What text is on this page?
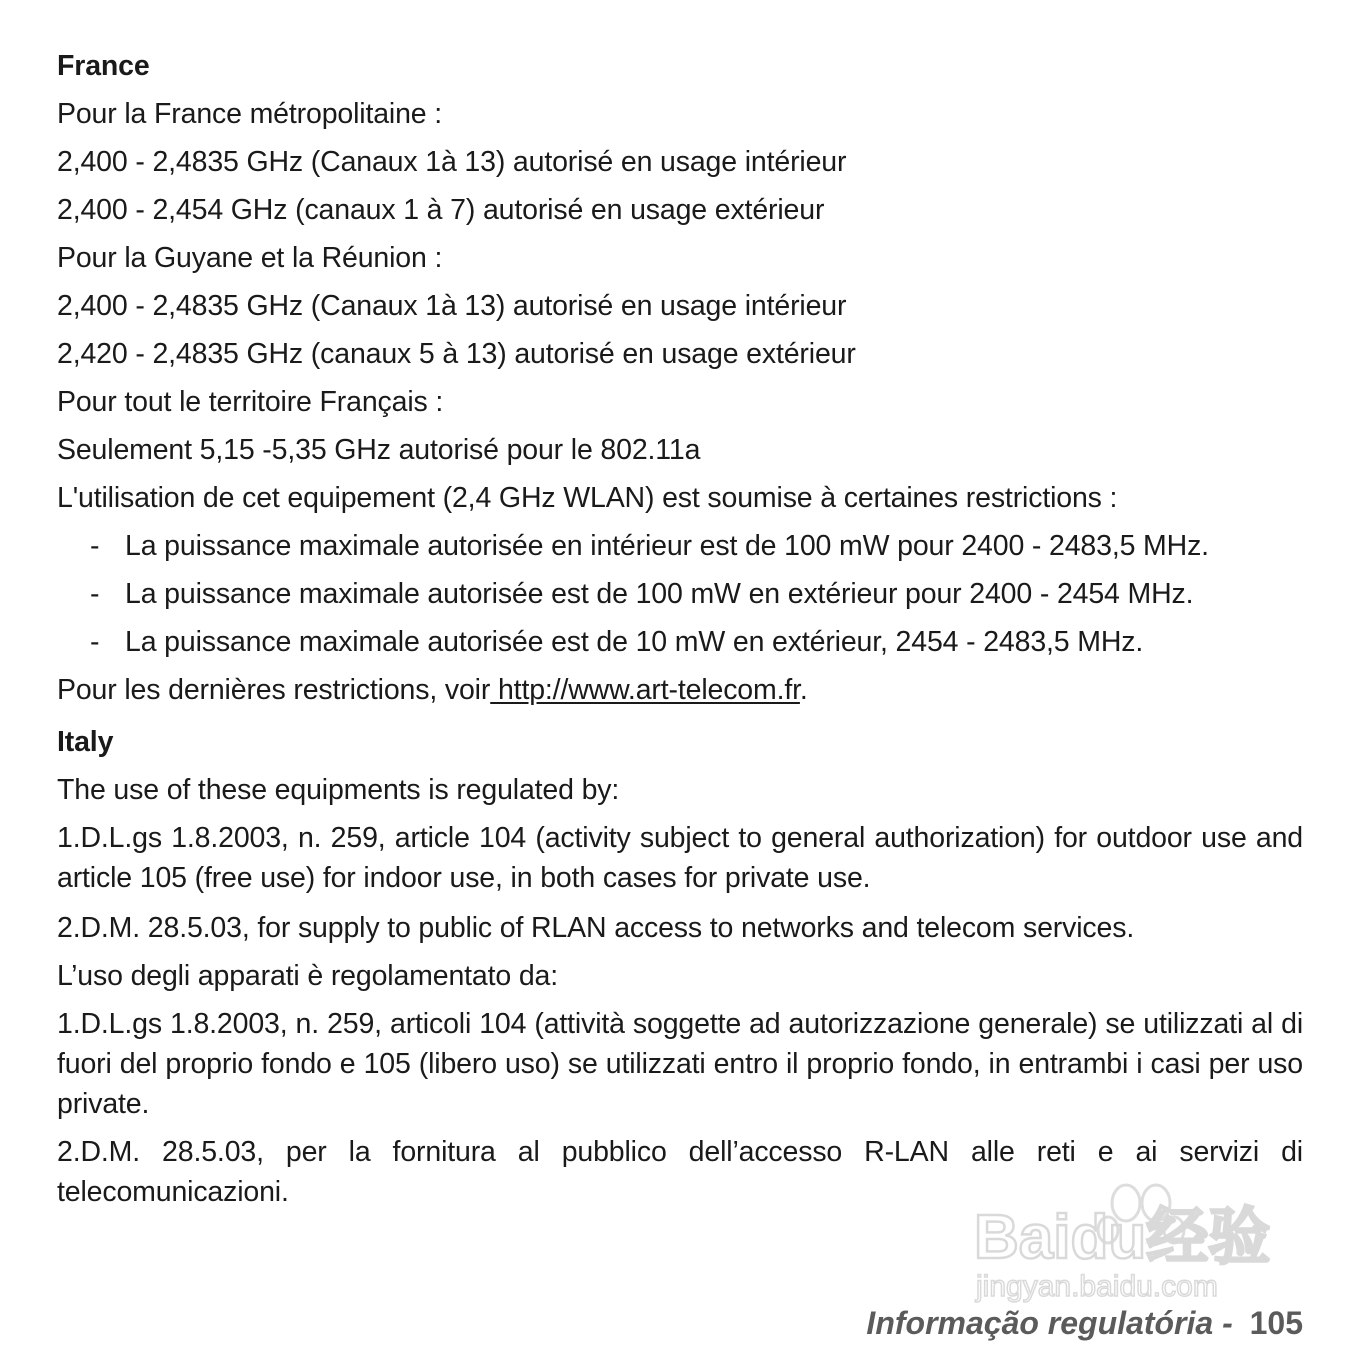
France
Pour la France métropolitaine :
2,400 - 2,4835 GHz (Canaux 1à 13) autorisé en usage intérieur
2,400 - 2,454 GHz (canaux 1 à 7) autorisé en usage extérieur
Pour la Guyane et la Réunion :
2,400 - 2,4835 GHz (Canaux 1à 13) autorisé en usage intérieur
2,420 - 2,4835 GHz (canaux 5 à 13) autorisé en usage extérieur
Pour tout le territoire Français :
Seulement 5,15 -5,35 GHz autorisé pour le 802.11a
L'utilisation de cet equipement (2,4 GHz WLAN) est soumise à certaines restrictions :
- La puissance maximale autorisée en intérieur est de 100 mW pour 2400 - 2483,5 MHz.
- La puissance maximale autorisée est de 100 mW en extérieur pour 2400 - 2454 MHz.
- La puissance maximale autorisée est de 10 mW en extérieur, 2454 - 2483,5 MHz.
Pour les dernières restrictions, voir http://www.art-telecom.fr.
Italy
The use of these equipments is regulated by:
1.D.L.gs 1.8.2003, n. 259, article 104 (activity subject to general authorization) for outdoor use and article 105 (free use) for indoor use, in both cases for private use.
2.D.M. 28.5.03, for supply to public of RLAN access to networks and telecom services.
L’uso degli apparati è regolamentato da:
1.D.L.gs 1.8.2003, n. 259, articoli 104 (attività soggette ad autorizzazione generale) se utilizzati al di fuori del proprio fondo e 105 (libero uso) se utilizzati entro il proprio fondo, in entrambi i casi per uso private.
2.D.M. 28.5.03, per la fornitura al pubblico dell’accesso R-LAN alle reti e ai servizi di telecomunicazioni.
Baidu经验
jingyan.baidu.com
Informação regulatória - 105
